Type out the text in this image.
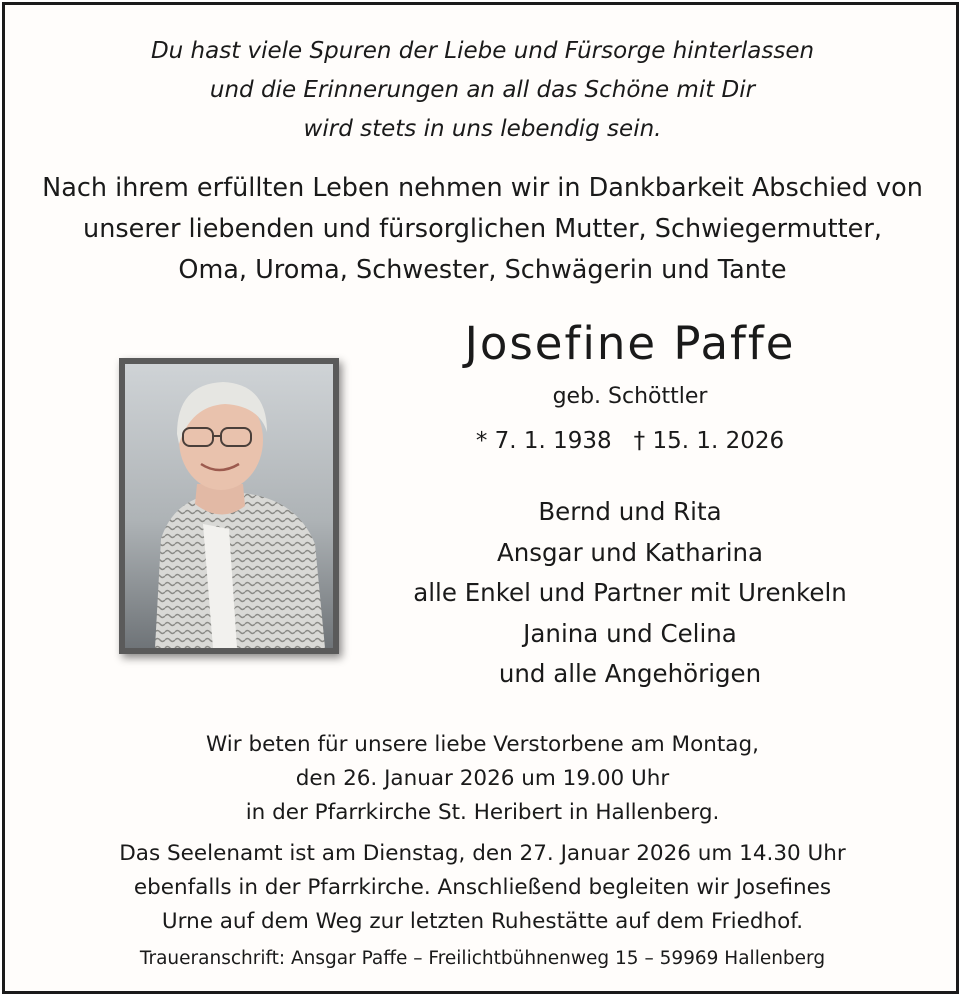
Du hast viele Spuren der Liebe und Fürsorge hinterlassen
und die Erinnerungen an all das Schöne mit Dir
wird stets in uns lebendig sein.
Nach ihrem erfüllten Leben nehmen wir in Dankbarkeit Abschied von
unserer liebenden und fürsorglichen Mutter, Schwiegermutter,
Oma, Uroma, Schwester, Schwägerin und Tante
Josefine Paffe
geb. Schöttler
* 7. 1. 1938 † 15. 1. 2026
Bernd und Rita
Ansgar und Katharina
alle Enkel und Partner mit Urenkeln
Janina und Celina
und alle Angehörigen
Wir beten für unsere liebe Verstorbene am Montag,
den 26. Januar 2026 um 19.00 Uhr
in der Pfarrkirche St. Heribert in Hallenberg.
Das Seelenamt ist am Dienstag, den 27. Januar 2026 um 14.30 Uhr
ebenfalls in der Pfarrkirche. Anschließend begleiten wir Josefines
Urne auf dem Weg zur letzten Ruhestätte auf dem Friedhof.
Traueranschrift: Ansgar Paffe – Freilichtbühnenweg 15 – 59969 Hallenberg
